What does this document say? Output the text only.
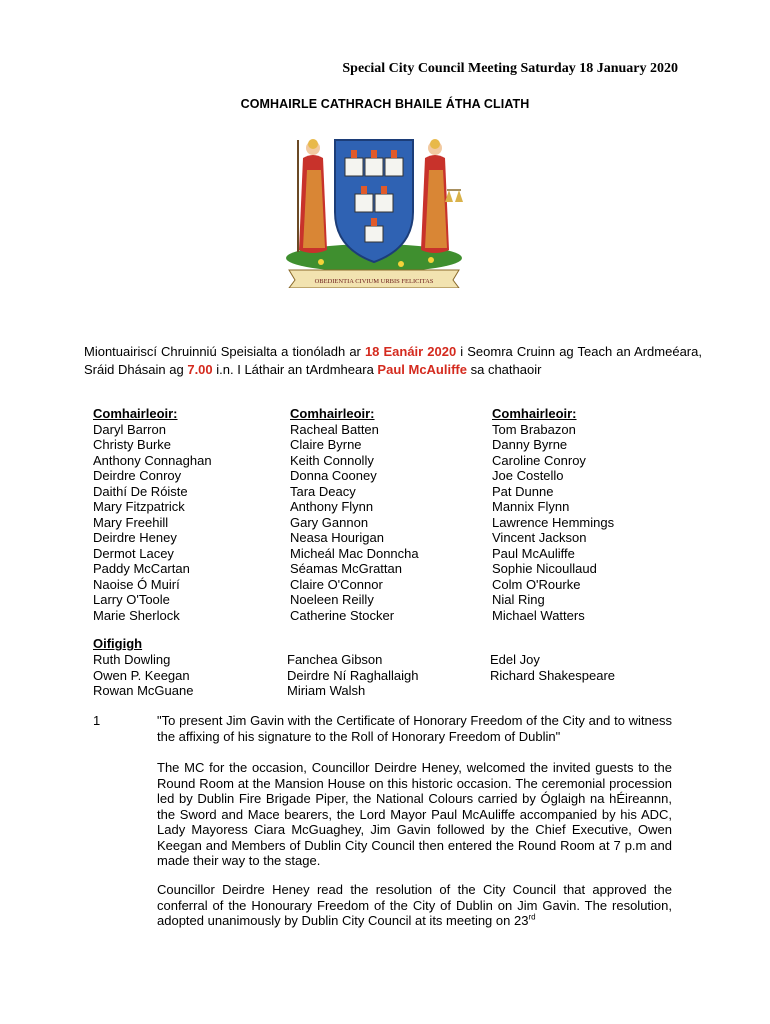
Special City Council Meeting Saturday 18 January 2020
COMHAIRLE CATHRACH BHAILE ÁTHA CLIATH
OBEDIENTIA CIVIUM URBIS FELICITAS
Miontuairiscí Chruinniú Speisialta a tionóladh ar 18 Eanáir 2020 i Seomra Cruinn ag Teach an Ardmeéara, Sráid Dhásain ag 7.00 i.n. I Láthair an tArdmheara Paul McAuliffe sa chathaoir
Comhairleoir:
Daryl Barron
Christy Burke
Anthony Connaghan
Deirdre Conroy
Daithí De Róiste
Mary Fitzpatrick
Mary Freehill
Deirdre Heney
Dermot Lacey
Paddy McCartan
Naoise Ó Muirí
Larry O'Toole
Marie Sherlock
Comhairleoir:
Racheal Batten
Claire Byrne
Keith Connolly
Donna Cooney
Tara Deacy
Anthony Flynn
Gary Gannon
Neasa Hourigan
Micheál Mac Donncha
Séamas McGrattan
Claire O'Connor
Noeleen Reilly
Catherine Stocker
Comhairleoir:
Tom Brabazon
Danny Byrne
Caroline Conroy
Joe Costello
Pat Dunne
Mannix Flynn
Lawrence Hemmings
Vincent Jackson
Paul McAuliffe
Sophie Nicoullaud
Colm O'Rourke
Nial Ring
Michael Watters
Oifigigh
Ruth Dowling
Owen P. Keegan
Rowan McGuane
Fanchea Gibson
Deirdre Ní Raghallaigh
Miriam Walsh
Edel Joy
Richard Shakespeare
1	"To present Jim Gavin with the Certificate of Honorary Freedom of the City and to witness the affixing of his signature to the Roll of Honorary Freedom of Dublin"
The MC for the occasion, Councillor Deirdre Heney, welcomed the invited guests to the Round Room at the Mansion House on this historic occasion. The ceremonial procession led by Dublin Fire Brigade Piper, the National Colours carried by Óglaigh na hÉireannn, the Sword and Mace bearers, the Lord Mayor Paul McAuliffe accompanied by his ADC, Lady Mayoress Ciara McGuaghey, Jim Gavin followed by the Chief Executive, Owen Keegan and Members of Dublin City Council then entered the Round Room at 7 p.m and made their way to the stage.
Councillor Deirdre Heney read the resolution of the City Council that approved the conferral of the Honourary Freedom of the City of Dublin on Jim Gavin. The resolution, adopted unanimously by Dublin City Council at its meeting on 23rd
